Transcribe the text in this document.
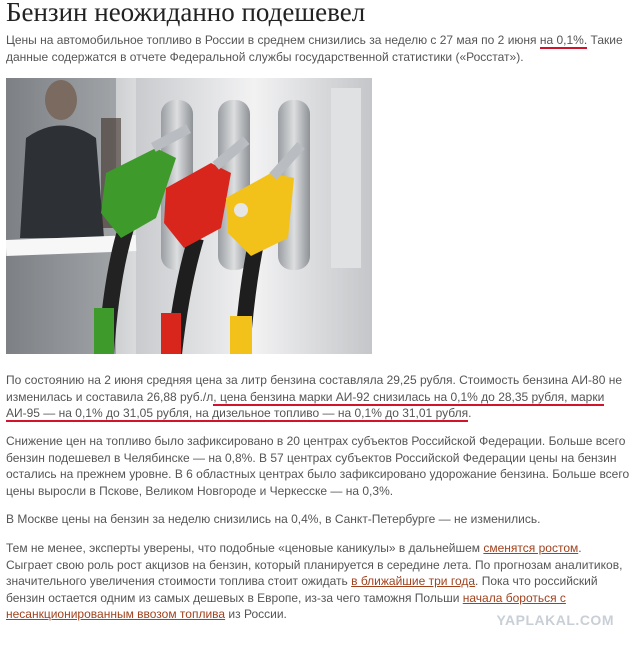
Бензин неожиданно подешевел

Цены на автомобильное топливо в России в среднем снизились за неделю с 27 мая по 2 июня на 0,1%. Такие данные содержатся в отчете Федеральной службы государственной статистики («Росстат»).

По состоянию на 2 июня средняя цена за литр бензина составляла 29,25 рубля. Стоимость бензина АИ-80 не изменилась и составила 26,88 руб./л, цена бензина марки АИ-92 снизилась на 0,1% до 28,35 рубля, марки АИ-95 — на 0,1% до 31,05 рубля, на дизельное топливо — на 0,1% до 31,01 рубля.

Снижение цен на топливо было зафиксировано в 20 центрах субъектов Российской Федерации. Больше всего бензин подешевел в Челябинске — на 0,8%. В 57 центрах субъектов Российской Федерации цены на бензин остались на прежнем уровне. В 6 областных центрах было зафиксировано удорожание бензина. Больше всего цены выросли в Пскове, Великом Новгороде и Черкесске — на 0,3%.

В Москве цены на бензин за неделю снизились на 0,4%, в Санкт-Петербурге — не изменились.

Тем не менее, эксперты уверены, что подобные «ценовые каникулы» в дальнейшем сменятся ростом. Сыграет свою роль рост акцизов на бензин, который планируется в середине лета. По прогнозам аналитиков, значительного увеличения стоимости топлива стоит ожидать в ближайшие три года. Пока что российский бензин остается одним из самых дешевых в Европе, из-за чего таможня Польши начала бороться с несанкционированным ввозом топлива из России.	YAPLAKAL.COM
